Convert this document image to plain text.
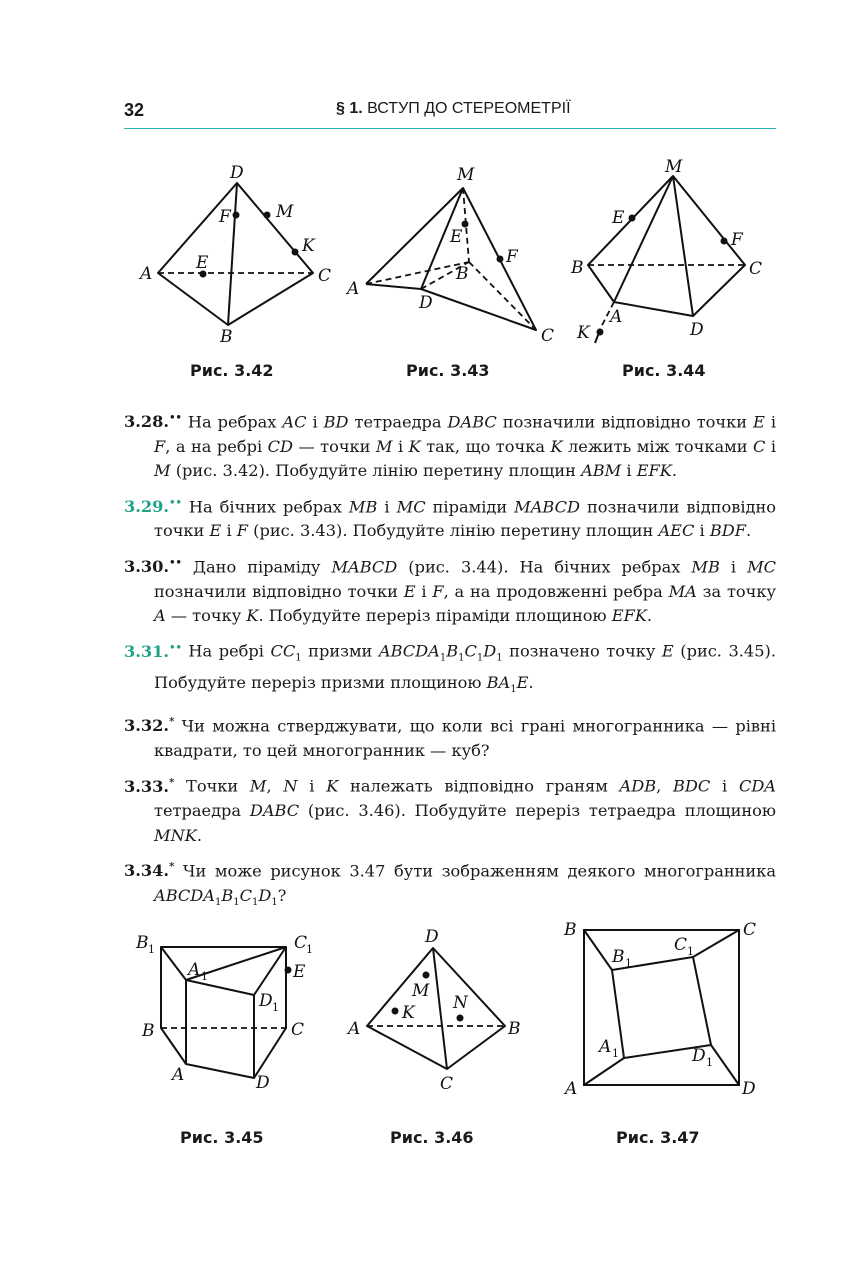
32	§ 1. ВСТУП ДО СТЕРЕОМЕТРІЇ
D
F	M
K
A
E
C
B
Рис. 3.42
M
E
F
B
A
D
C
Рис. 3.43
M
E
F
B	C
A
K	D
Рис. 3.44
3.28.•• На ребрах AC і BD тетраедра DABC позначили відповідно точки E і F, а на ребрі CD — точки M і K так, що точка K лежить між точками C і M (рис. 3.42). Побудуйте лінію перетину площин ABM і EFK.
3.29.•• На бічних ребрах MB і MC піраміди MABCD позначили відповідно точки E і F (рис. 3.43). Побудуйте лінію перетину площин AEC і BDF.
3.30.•• Дано піраміду MABCD (рис. 3.44). На бічних ребрах MB і MC позначили відповідно точки E і F, а на продовженні ребра MA за точку A — точку K. Побудуйте переріз піраміди площиною EFK.
3.31.•• На ребрі $CC_1$ призми $ABCDA_1B_1C_1D_1$ позначено точку E (рис. 3.45). Побудуйте переріз призми площиною $BA_1E$.
3.32.* Чи можна стверджувати, що коли всі грані многогранника — рівні квадрати, то цей многогранник — куб?
3.33.* Точки M, N і K належать відповідно граням ADB, BDC і CDA тетраедра DABC (рис. 3.46). Побудуйте переріз тетраедра площиною MNK.
3.34.* Чи може рисунок 3.47 бути зображенням деякого многогранника $ABCDA_1B_1C_1D_1$?
B 1	C
1
E
A 1
D 1
B	C
A	D
Рис. 3.45
D
M
K N
A	B
C
Рис. 3.46
B	C
B 1
C 1
A 1	D 1
A	D
Рис. 3.47
